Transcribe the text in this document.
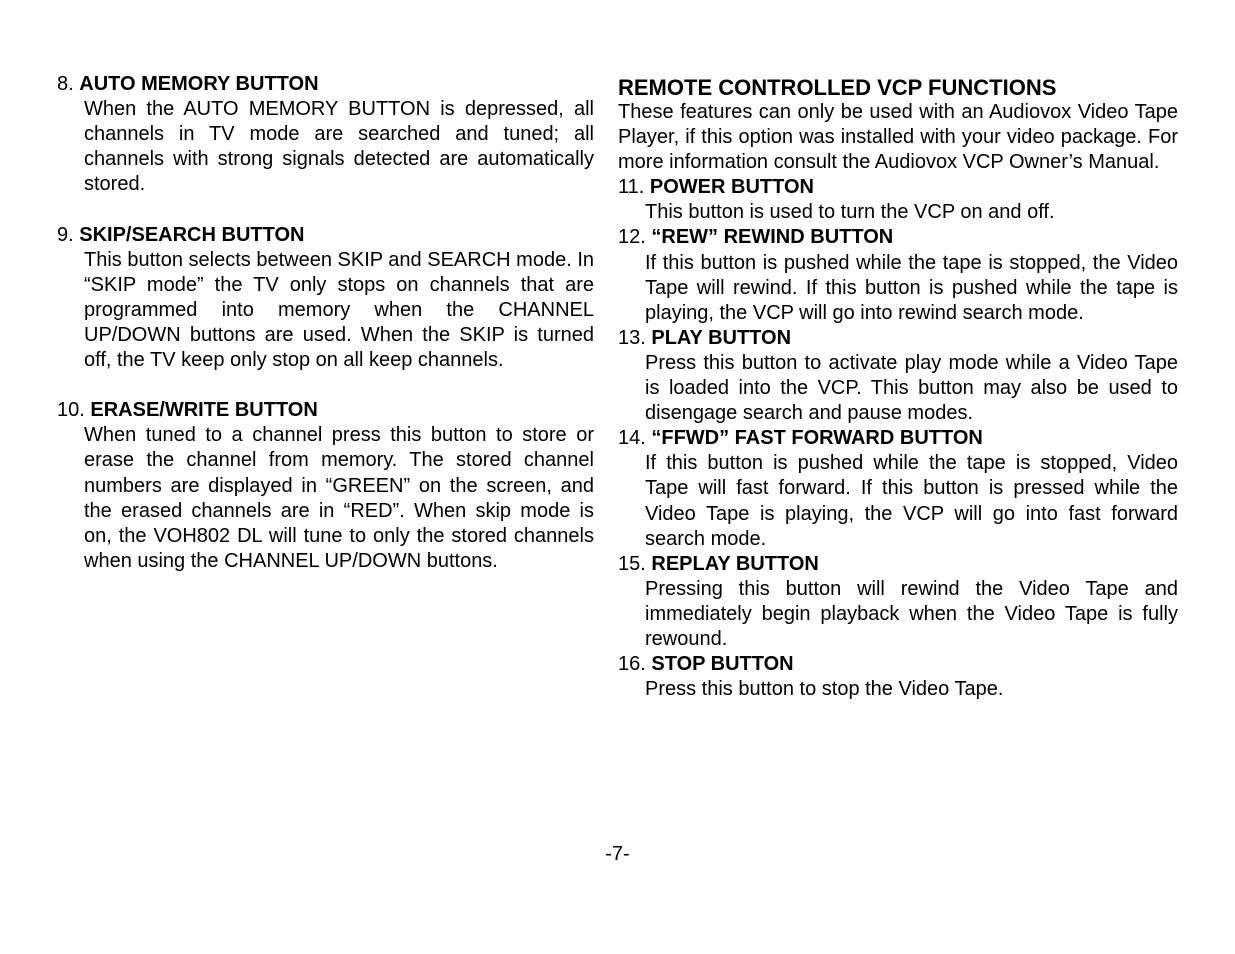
8. AUTO MEMORY BUTTON
When the AUTO MEMORY BUTTON is depressed, all channels in TV mode are searched and tuned; all channels with strong signals detected are automatically stored.
9. SKIP/SEARCH BUTTON
This button selects between SKIP and SEARCH mode. In “SKIP mode” the TV only stops on channels that are programmed into memory when the CHANNEL UP/DOWN buttons are used. When the SKIP is turned off, the TV keep only stop on all keep channels.
10. ERASE/WRITE BUTTON
When tuned to a channel press this button to store or erase the channel from memory. The stored channel numbers are displayed in “GREEN” on the screen, and the erased channels are in “RED”. When skip mode is on, the VOH802 DL will tune to only the stored channels when using the CHANNEL UP/DOWN buttons.
REMOTE CONTROLLED VCP FUNCTIONS
These features can only be used with an Audiovox Video Tape Player, if this option was installed with your video package. For more information consult the Audiovox VCP Owner’s Manual.
11. POWER BUTTON
This button is used to turn the VCP on and off.
12. “REW” REWIND BUTTON
If this button is pushed while the tape is stopped, the Video Tape will rewind. If this button is pushed while the tape is playing, the VCP will go into rewind search mode.
13. PLAY BUTTON
Press this button to activate play mode while a Video Tape is loaded into the VCP. This button may also be used to disengage search and pause modes.
14. “FFWD” FAST FORWARD BUTTON
If this button is pushed while the tape is stopped, Video Tape will fast forward. If this button is pressed while the Video Tape is playing, the VCP will go into fast forward search mode.
15. REPLAY BUTTON
Pressing this button will rewind the Video Tape and immediately begin playback when the Video Tape is fully rewound.
16. STOP BUTTON
Press this button to stop the Video Tape.
-7-
